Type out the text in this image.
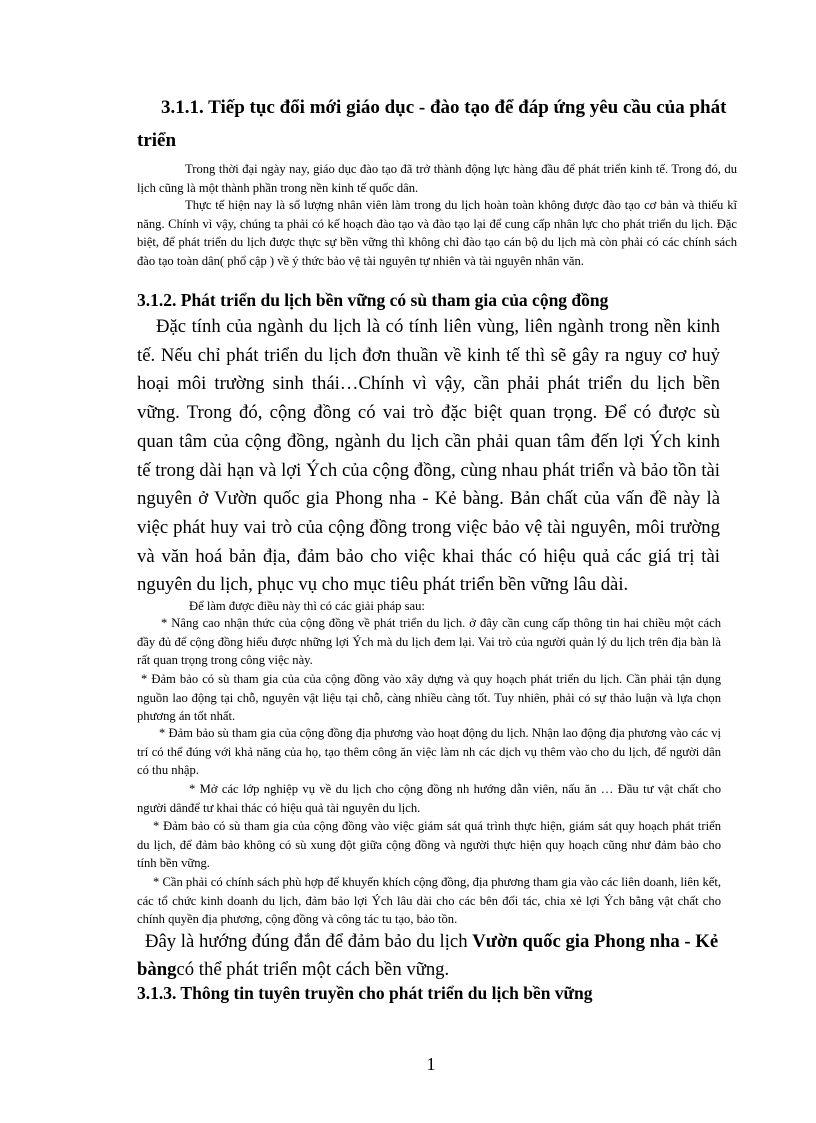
3.1.1. Tiếp tục đổi mới giáo dục - đào tạo để đáp ứng yêu cầu của phát triển

Trong thời đại ngày nay, giáo dục đào tạo đã trở thành động lực hàng đầu để phát triển kinh tế. Trong đó, du lịch cũng là một thành phần trong nền kinh tế quốc dân.

Thực tế hiện nay là số lượng nhân viên làm trong du lịch hoàn toàn không được đào tạo cơ bản và thiếu kĩ năng. Chính vì vậy, chúng ta phải có kế hoạch đào tạo và đào tạo lại để cung cấp nhân lực cho phát triển du lịch. Đặc biệt, để phát triển du lịch được thực sự bền vững thì không chỉ đào tạo cán bộ du lịch mà còn phải có các chính sách đào tạo toàn dân( phổ cập ) về ý thức bảo vệ tài nguyên tự nhiên và tài nguyên nhân văn.

3.1.2. Phát triển du lịch bền vững có sù tham gia của cộng đồng

Đặc tính của ngành du lịch là có tính liên vùng, liên ngành trong nền kinh tế. Nếu chỉ phát triển du lịch đơn thuần về kinh tế thì sẽ gây ra nguy cơ huỷ hoại môi trường sinh thái…Chính vì vậy, cần phải phát triển du lịch bền vững. Trong đó, cộng đồng có vai trò đặc biệt quan trọng. Để có được sù quan tâm của cộng đồng, ngành du lịch cần phải quan tâm đến lợi Ých kinh tế trong dài hạn và lợi Ých của cộng đồng, cùng nhau phát triển và bảo tồn tài nguyên ở Vườn quốc gia Phong nha - Kẻ bàng. Bản chất của vấn đề này là việc phát huy vai trò của cộng đồng trong việc bảo vệ tài nguyên, môi trường và văn hoá bản địa, đảm bảo cho việc khai thác có hiệu quả các giá trị tài nguyên du lịch, phục vụ cho mục tiêu phát triển bền vững lâu dài.

Để làm được điều này thì có các giải pháp sau:

* Nâng cao nhận thức của cộng đồng về phát triển du lịch. ở đây cần cung cấp thông tin hai chiều một cách đầy đủ để cộng đồng hiểu được những lợi Ých mà du lịch đem lại. Vai trò của người quản lý du lịch trên địa bàn là rất quan trọng trong công việc này.

* Đảm bảo có sù tham gia của của cộng đồng vào xây dựng và quy hoạch phát triển du lịch. Cần phải tận dụng nguồn lao động tại chỗ, nguyên vật liệu tại chỗ, càng nhiều càng tốt. Tuy nhiên, phải có sự thảo luận và lựa chọn phương án tốt nhất.

* Đảm bảo sù tham gia của cộng đồng địa phương vào hoạt động du lịch. Nhận lao động địa phương vào các vị trí có thể đúng với khả năng của họ, tạo thêm công ăn việc làm nh các dịch vụ thêm vào cho du lịch, để người dân có thu nhập.

* Mở các lớp nghiệp vụ về du lịch cho cộng đồng nh hướng dẫn viên, nấu ăn … Đầu tư vật chất cho người dânđể tư khai thác có hiệu quả tài nguyên du lịch.

* Đảm bảo có sù tham gia của cộng đồng vào việc giám sát quá trình thực hiện, giám sát quy hoạch phát triển du lịch, để đảm bảo không có sù xung đột giữa cộng đồng và người thực hiện quy hoạch cũng như đảm bảo cho tính bền vững.

* Cần phải có chính sách phù hợp để khuyến khích cộng đồng, địa phương tham gia vào các liên doanh, liên kết, các tổ chức kinh doanh du lịch, đảm bảo lợi Ých lâu dài cho các bên đối tác, chia xẻ lợi Ých bằng vật chất cho chính quyền địa phương, cộng đồng và công tác tu tạo, bảo tồn.

Đây là hướng đúng đắn để đảm bảo du lịch Vườn quốc gia Phong nha - Kẻ bàngcó thể phát triển một cách bền vững.

3.1.3. Thông tin tuyên truyền cho phát triển du lịch bền vững

1
